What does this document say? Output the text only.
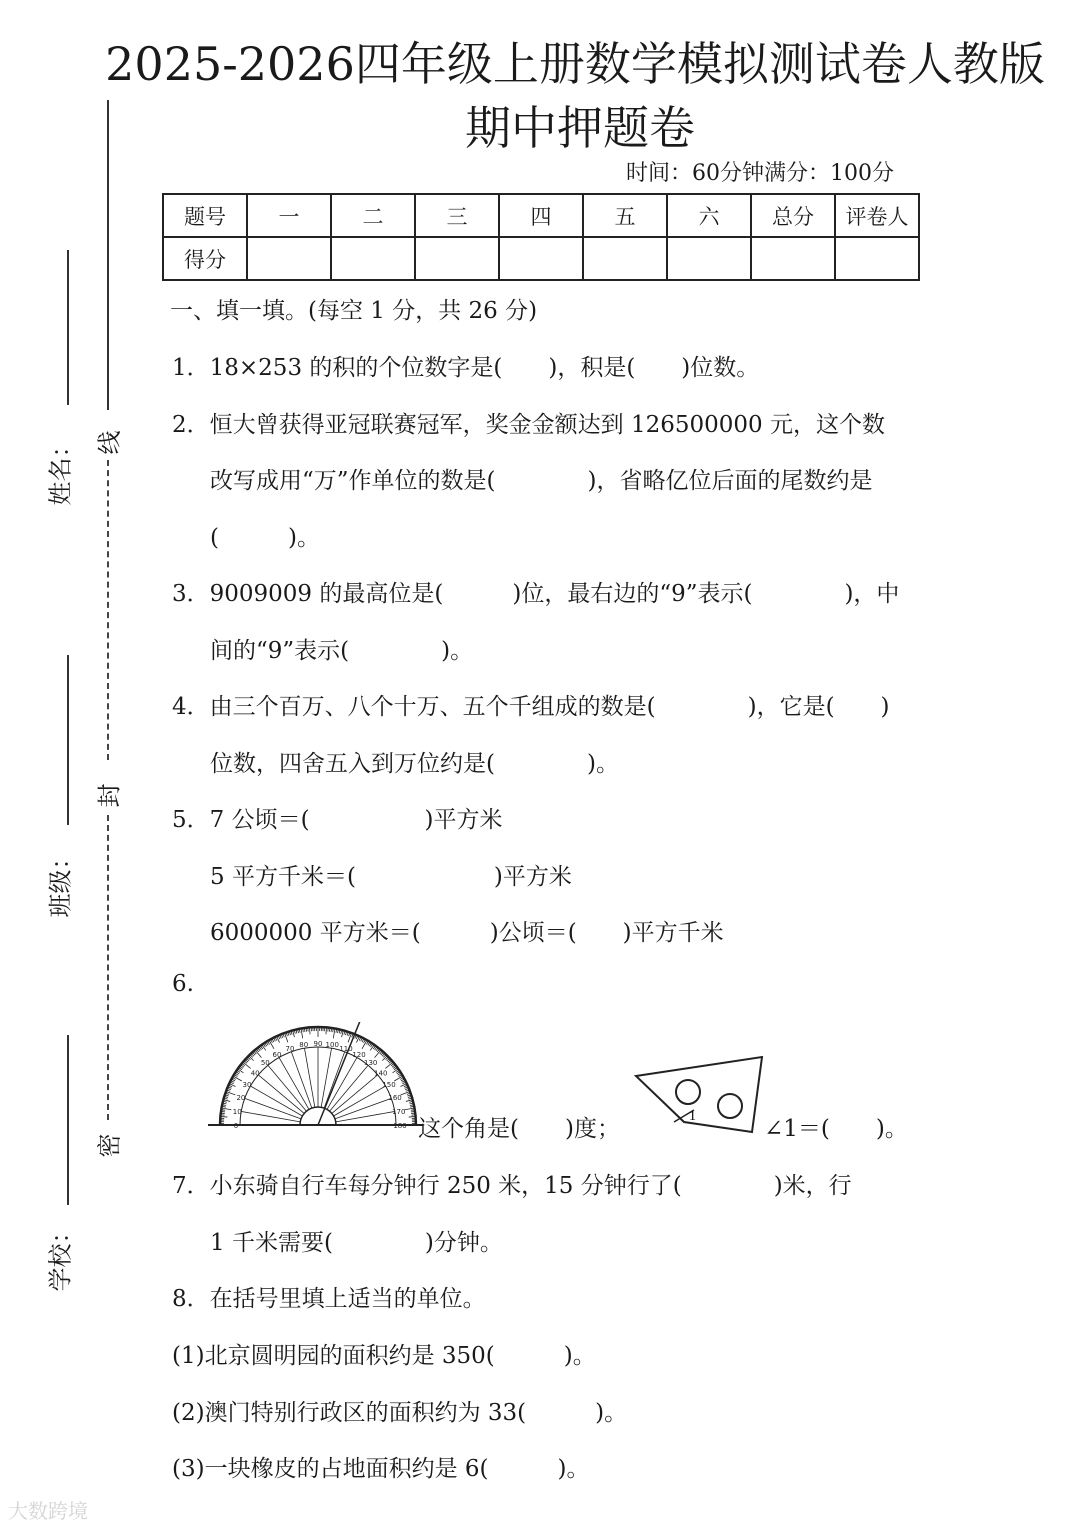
2025-2026四年级上册数学模拟测试卷人教版
期中押题卷
时间：60分钟满分：100分
题号	一	二	三	四	五	六	总分	评卷人
得分								
姓名：
班级：
学校：
线
封
密
一、填一填。(每空 1 分，共 26 分)
1．18×253 的积的个位数字是(　　)，积是(　　)位数。
2．恒大曾获得亚冠联赛冠军，奖金金额达到 126500000 元，这个数
改写成用“万”作单位的数是(　　　　)，省略亿位后面的尾数约是
(　　　)。
3．9009009 的最高位是(　　　)位，最右边的“9”表示(　　　　)，中
间的“9”表示(　　　　)。
4．由三个百万、八个十万、五个千组成的数是(　　　　)，它是(　　)
位数，四舍五入到万位约是(　　　　)。
5．7 公顷＝(　　　　　)平方米
5 平方千米＝(　　　　　　)平方米
6000000 平方米＝(　　　)公顷＝(　　)平方千米
6.
0
10
20
30
40
50
60
70 80 90 100 110
120
130
140
150
160
170
180 这个角是(　　)度；	1	∠1＝(　　)。
7．小东骑自行车每分钟行 250 米，15 分钟行了(　　　　)米，行
1 千米需要(　　　　)分钟。
8．在括号里填上适当的单位。
(1)北京圆明园的面积约是 350(　　　)。
(2)澳门特别行政区的面积约为 33(　　　)。
(3)一块橡皮的占地面积约是 6(　　　)。
大数跨境
